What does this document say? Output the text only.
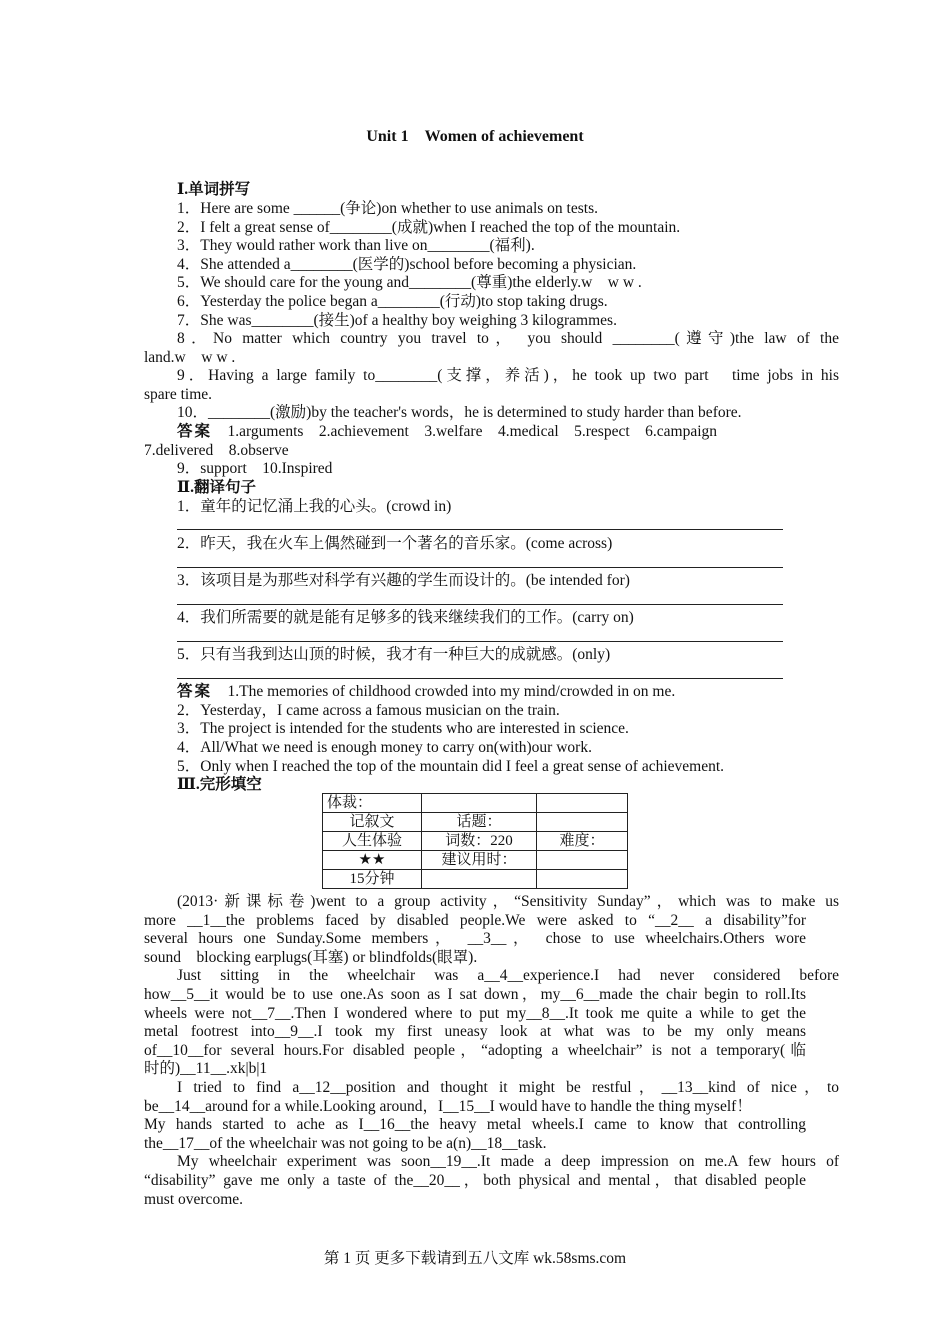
Unit 1　Women of achievement
Ⅰ.单词拼写
1．Here are some ______(争论)on whether to use animals on tests.
2．I felt a great sense of________(成就)when I reached the top of the mountain.
3．They would rather work than live on________(福利).
4．She attended a________(医学的)school before becoming a physician.
5．We should care for the young and________(尊重)the elderly.w　w w .
6．Yesterday the police began a________(行动)to stop taking drugs.
7．She was________(接生)of a healthy boy weighing 3 kilogrammes.
8．No matter which country you travel to， you should ________(遵守)the law of the
land.w　w w .
9．Having a large family to________(支撑，养活)，he took up two part　time jobs in his
spare time.
10．________(激励)by the teacher's words，he is determined to study harder than before.
答案　1.arguments　2.achievement　3.welfare　4.medical　5.respect　6.campaign
7.delivered　8.observe
9．support　10.Inspired
Ⅱ.翻译句子
1．童年的记忆涌上我的心头。(crowd in)
2．昨天，我在火车上偶然碰到一个著名的音乐家。(come across)
3．该项目是为那些对科学有兴趣的学生而设计的。(be intended for)
4．我们所需要的就是能有足够多的钱来继续我们的工作。(carry on)
5．只有当我到达山顶的时候，我才有一种巨大的成就感。(only)
答案　 1.The memories of childhood crowded into my mind/crowded in on me.
2．Yesterday，I came across a famous musician on the train.
3．The project is intended for the students who are interested in science.
4．All/What we need is enough money to carry on(with)our work.
5．Only when I reached the top of the mountain did I feel a great sense of achievement.
Ⅲ.完形填空
体裁：		
记叙文	话题：	
人生体验	词数：220	难度：
★★	建议用时：	
15分钟		
(2013·新课标卷)went to a group activity，“Sensitivity Sunday”，which was to make us
more __1__the problems faced by disabled people.We were asked to “__2__ a disability”for
several hours one Sunday.Some members， __3__， chose to use wheelchairs.Others wore
sound　blocking earplugs(耳塞) or blindfolds(眼罩).
Just sitting in the wheelchair was a__4__experience.I had never considered before
how__5__it would be to use one.As soon as I sat down，my__6__made the chair begin to roll.Its
wheels were not__7__.Then I wondered where to put my__8__.It took me quite a while to get the
metal footrest into__9__.I took my first uneasy look at what was to be my only means
of__10__for several hours.For disabled people，“adopting a wheelchair” is not a temporary(临
时的)__11__.xk|b|1
I tried to find a__12__position and thought it might be restful，__13__kind of nice，to
be__14__around for a while.Looking around，I__15__I would have to handle the thing myself！
My hands started to ache as I__16__the heavy metal wheels.I came to know that controlling
the__17__of the wheelchair was not going to be a(n)__18__task.
My wheelchair experiment was soon__19__.It made a deep impression on me.A few hours of
“disability” gave me only a taste of the__20__，both physical and mental，that disabled people
must overcome.
第 1 页 更多下载请到五八文库 wk.58sms.com
